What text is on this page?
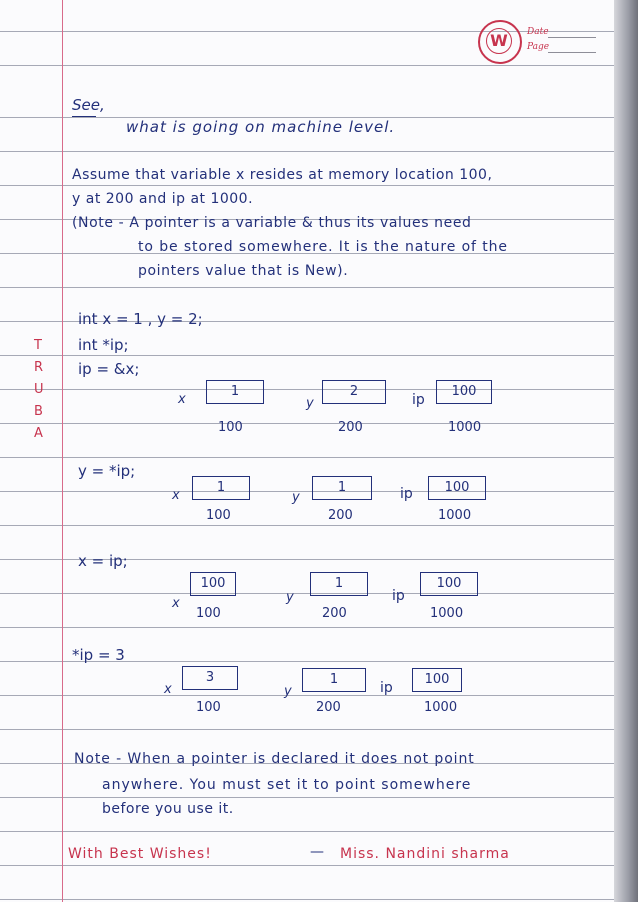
W	Date
Page
See,
what is going on machine level.
Assume that variable x resides at memory location 100,
y at 200 and ip at 1000.
(Note - A pointer is a variable & thus its values need
to be stored somewhere. It is the nature of the
pointers value that is New).
int x = 1 , y = 2;
int *ip;
ip = &x;
T
R
U
B
A
x
1
100
y
2
200
ip
100
1000
y = *ip;
x
1
100
y
1
200
ip	100
1000
x = ip;
x
100
100
y
1
200
ip
100
1000
*ip = 3
x
3
100
y
1
200
ip
100
1000
Note - When a pointer is declared it does not point
anywhere. You must set it to point somewhere
before you use it.
With Best Wishes!	— Miss. Nandini sharma
